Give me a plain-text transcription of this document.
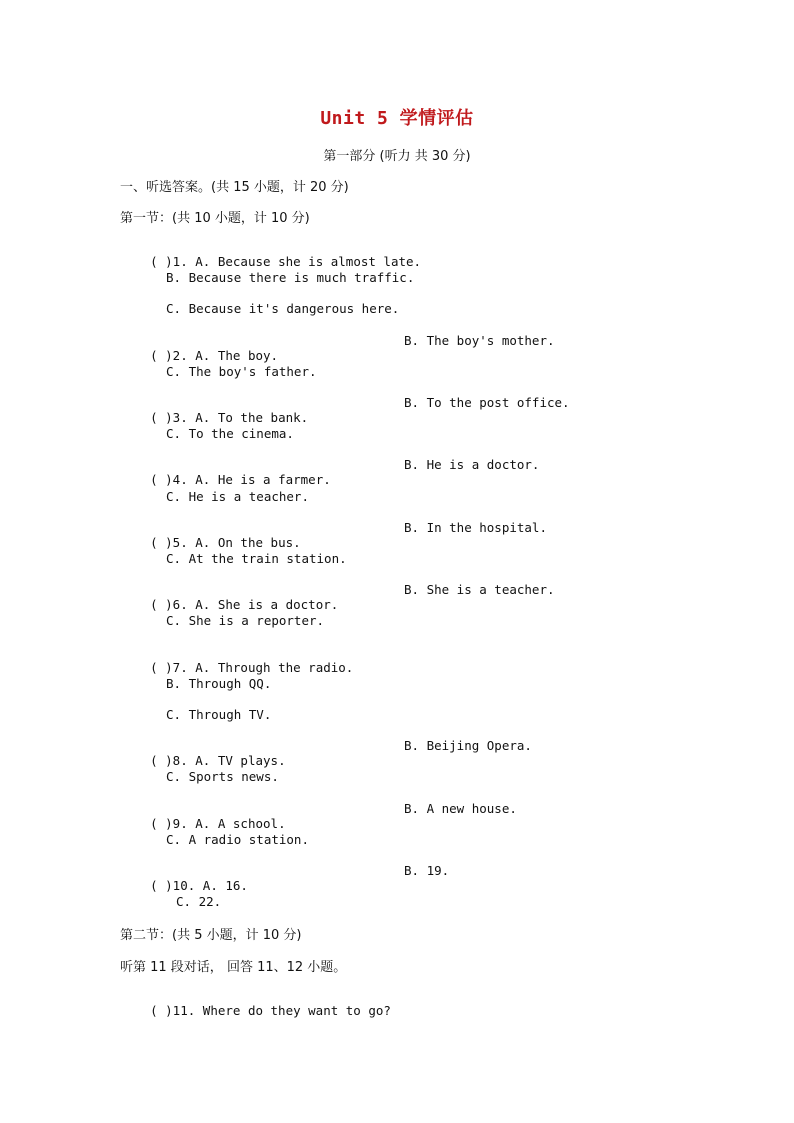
Unit 5 学情评估
第一部分 (听力 共 30 分)
一、听选答案。(共 15 小题，计 20 分)
第一节：(共 10 小题，计 10 分)

( )1. A. Because she is almost late.

B. Because there is much traffic.
C. Because it's dangerous here.

( )2. A. The boy.

B. The boy's mother.
C. The boy's father.

( )3. A. To the bank.

B. To the post office.
C. To the cinema.

( )4. A. He is a farmer.

B. He is a doctor.
C. He is a teacher.

( )5. A. On the bus.

B. In the hospital.
C. At the train station.

( )6. A. She is a doctor.

B. She is a teacher.
C. She is a reporter.

( )7. A. Through the radio.

B. Through QQ.
C. Through TV.

( )8. A. TV plays.

B. Beijing Opera.
C. Sports news.

( )9. A. A school.

B. A new house.
C. A radio station.

( )10. A. 16.

B. 19.
C. 22.
第二节：(共 5 小题，计 10 分)
听第 11 段对话， 回答 11、12 小题。

( )11. Where do they want to go?
